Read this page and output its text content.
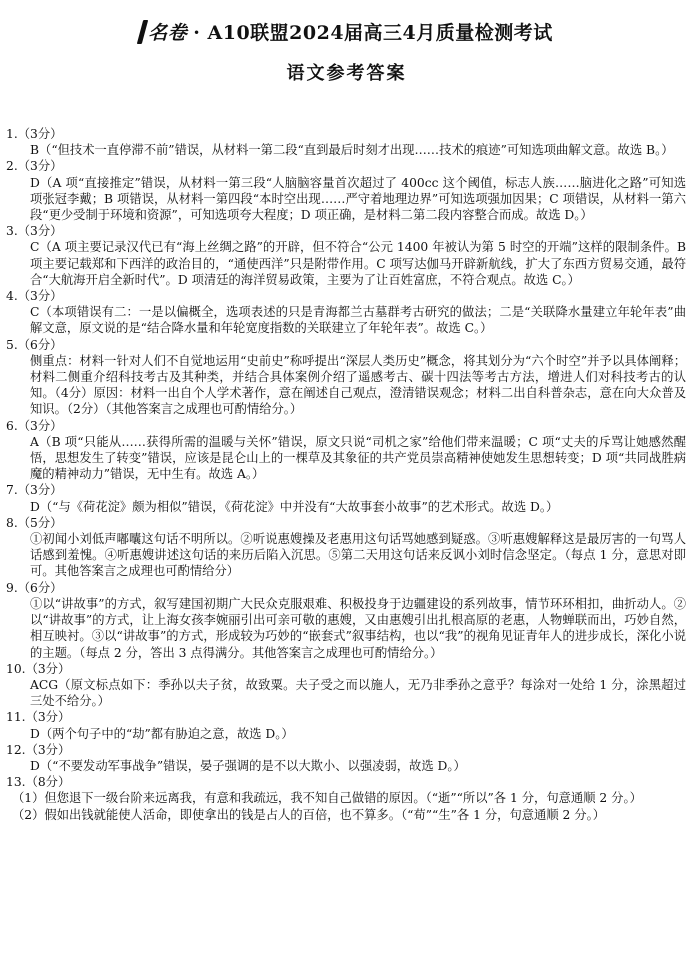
名卷 · A10联盟2024届高三4月质量检测考试
语文参考答案
1.（3分）
B（“但技术一直停滞不前”错误，从材料一第二段“直到最后时刻才出现……技术的痕迹”可知选项曲解文意。故选 B。）
2.（3分）
D（A 项“直接推定”错误，从材料一第三段“人脑脑容量首次超过了 400cc 这个阈值，标志人族……脑进化之路”可知选项张冠李戴；B 项错误，从材料一第四段“本时空出现……严守着地理边界”可知选项强加因果；C 项错误，从材料一第六段“更少受制于环境和资源”，可知选项夸大程度；D 项正确，是材料二第二段内容整合而成。故选 D。）
3.（3分）
C（A 项主要记录汉代已有“海上丝绸之路”的开辟，但不符合“公元 1400 年被认为第 5 时空的开端”这样的限制条件。B 项主要记载郑和下西洋的政治目的，“通使西洋”只是附带作用。C 项写达伽马开辟新航线，扩大了东西方贸易交通，最符合“大航海开启全新时代”。D 项清廷的海洋贸易政策，主要为了让百姓富庶，不符合观点。故选 C。）
4.（3分）
C（本项错误有二：一是以偏概全，选项表述的只是青海都兰古墓群考古研究的做法；二是“关联降水量建立年轮年表”曲解文意，原文说的是“结合降水量和年轮宽度指数的关联建立了年轮年表”。故选 C。）
5.（6分）
侧重点：材料一针对人们不自觉地运用“史前史”称呼提出“深层人类历史”概念，将其划分为“六个时空”并予以具体阐释；材料二侧重介绍科技考古及其种类，并结合具体案例介绍了遥感考古、碳十四法等考古方法，增进人们对科技考古的认知。（4分）原因：材料一出自个人学术著作，意在阐述自己观点，澄清错误观念；材料二出自科普杂志，意在向大众普及知识。（2分）（其他答案言之成理也可酌情给分。）
6.（3分）
A（B 项“只能从……获得所需的温暖与关怀”错误，原文只说“司机之家”给他们带来温暖；C 项“丈夫的斥骂让她感然醒悟，思想发生了转变”错误，应该是昆仑山上的一棵草及其象征的共产党员崇高精神使她发生思想转变；D 项“共同战胜病魔的精神动力”错误，无中生有。故选 A。）
7.（3分）
D（“与《荷花淀》颇为相似”错误，《荷花淀》中并没有“大故事套小故事”的艺术形式。故选 D。）
8.（5分）
①初闻小刘低声嘟囔这句话不明所以。②听说惠嫂操及老惠用这句话骂她感到疑惑。③听惠嫂解释这是最厉害的一句骂人话感到羞愧。④听惠嫂讲述这句话的来历后陷入沉思。⑤第二天用这句话来反讽小刘时信念坚定。（每点 1 分，意思对即可。其他答案言之成理也可酌情给分）
9.（6分）
①以“讲故事”的方式，叙写建国初期广大民众克服艰难、积极投身于边疆建设的系列故事，情节环环相扣，曲折动人。②以“讲故事”的方式，让上海女孩李婉丽引出可亲可敬的惠嫂，又由惠嫂引出扎根高原的老惠，人物蝉联而出，巧妙自然，相互映衬。③以“讲故事”的方式，形成较为巧妙的“嵌套式”叙事结构，也以“我”的视角见证青年人的进步成长，深化小说的主题。（每点 2 分，答出 3 点得满分。其他答案言之成理也可酌情给分。）
10.（3分）
ACG（原文标点如下：季孙以夫子贫，故致粟。夫子受之而以施人，无乃非季孙之意乎？每涂对一处给 1 分，涂黑超过三处不给分。）
11.（3分）
D（两个句子中的“劫”都有胁迫之意，故选 D。）
12.（3分）
D（“不要发动军事战争”错误，晏子强调的是不以大欺小、以强凌弱，故选 D。）
13.（8分）
（1）但您退下一级台阶来远离我，有意和我疏远，我不知自己做错的原因。（“逝”“所以”各 1 分，句意通顺 2 分。）
（2）假如出钱就能使人活命，即使拿出的钱是占人的百倍，也不算多。（“荀”“生”各 1 分，句意通顺 2 分。）
